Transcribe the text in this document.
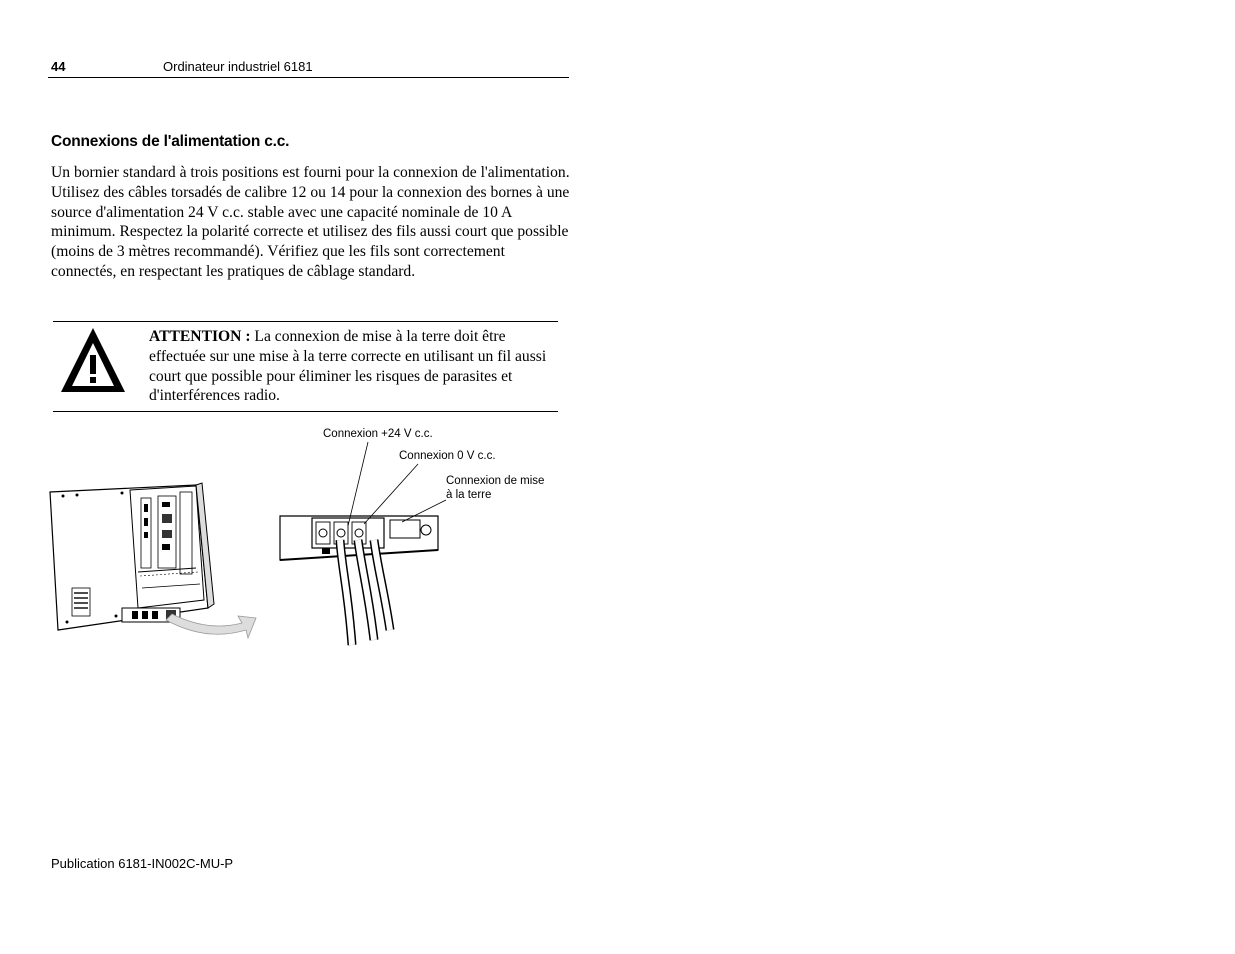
44	Ordinateur industriel 6181
Connexions de l'alimentation c.c.

Un bornier standard à trois positions est fourni pour la connexion de l'alimentation. Utilisez des câbles torsadés de calibre 12 ou 14 pour la connexion des bornes à une source d'alimentation 24 V c.c. stable avec une capacité nominale de 10 A minimum. Respectez la polarité correcte et utilisez des fils aussi court que possible (moins de 3 mètres recommandé). Vérifiez que les fils sont correctement connectés, en respectant les pratiques de câblage standard.

ATTENTION : La connexion de mise à la terre doit être effectuée sur une mise à la terre correcte en utilisant un fil aussi court que possible pour éliminer les risques de parasites et d'interférences radio.

Connexion +24 V c.c.

Connexion 0 V c.c.

Connexion de mise
à la terre

Publication 6181-IN002C-MU-P
